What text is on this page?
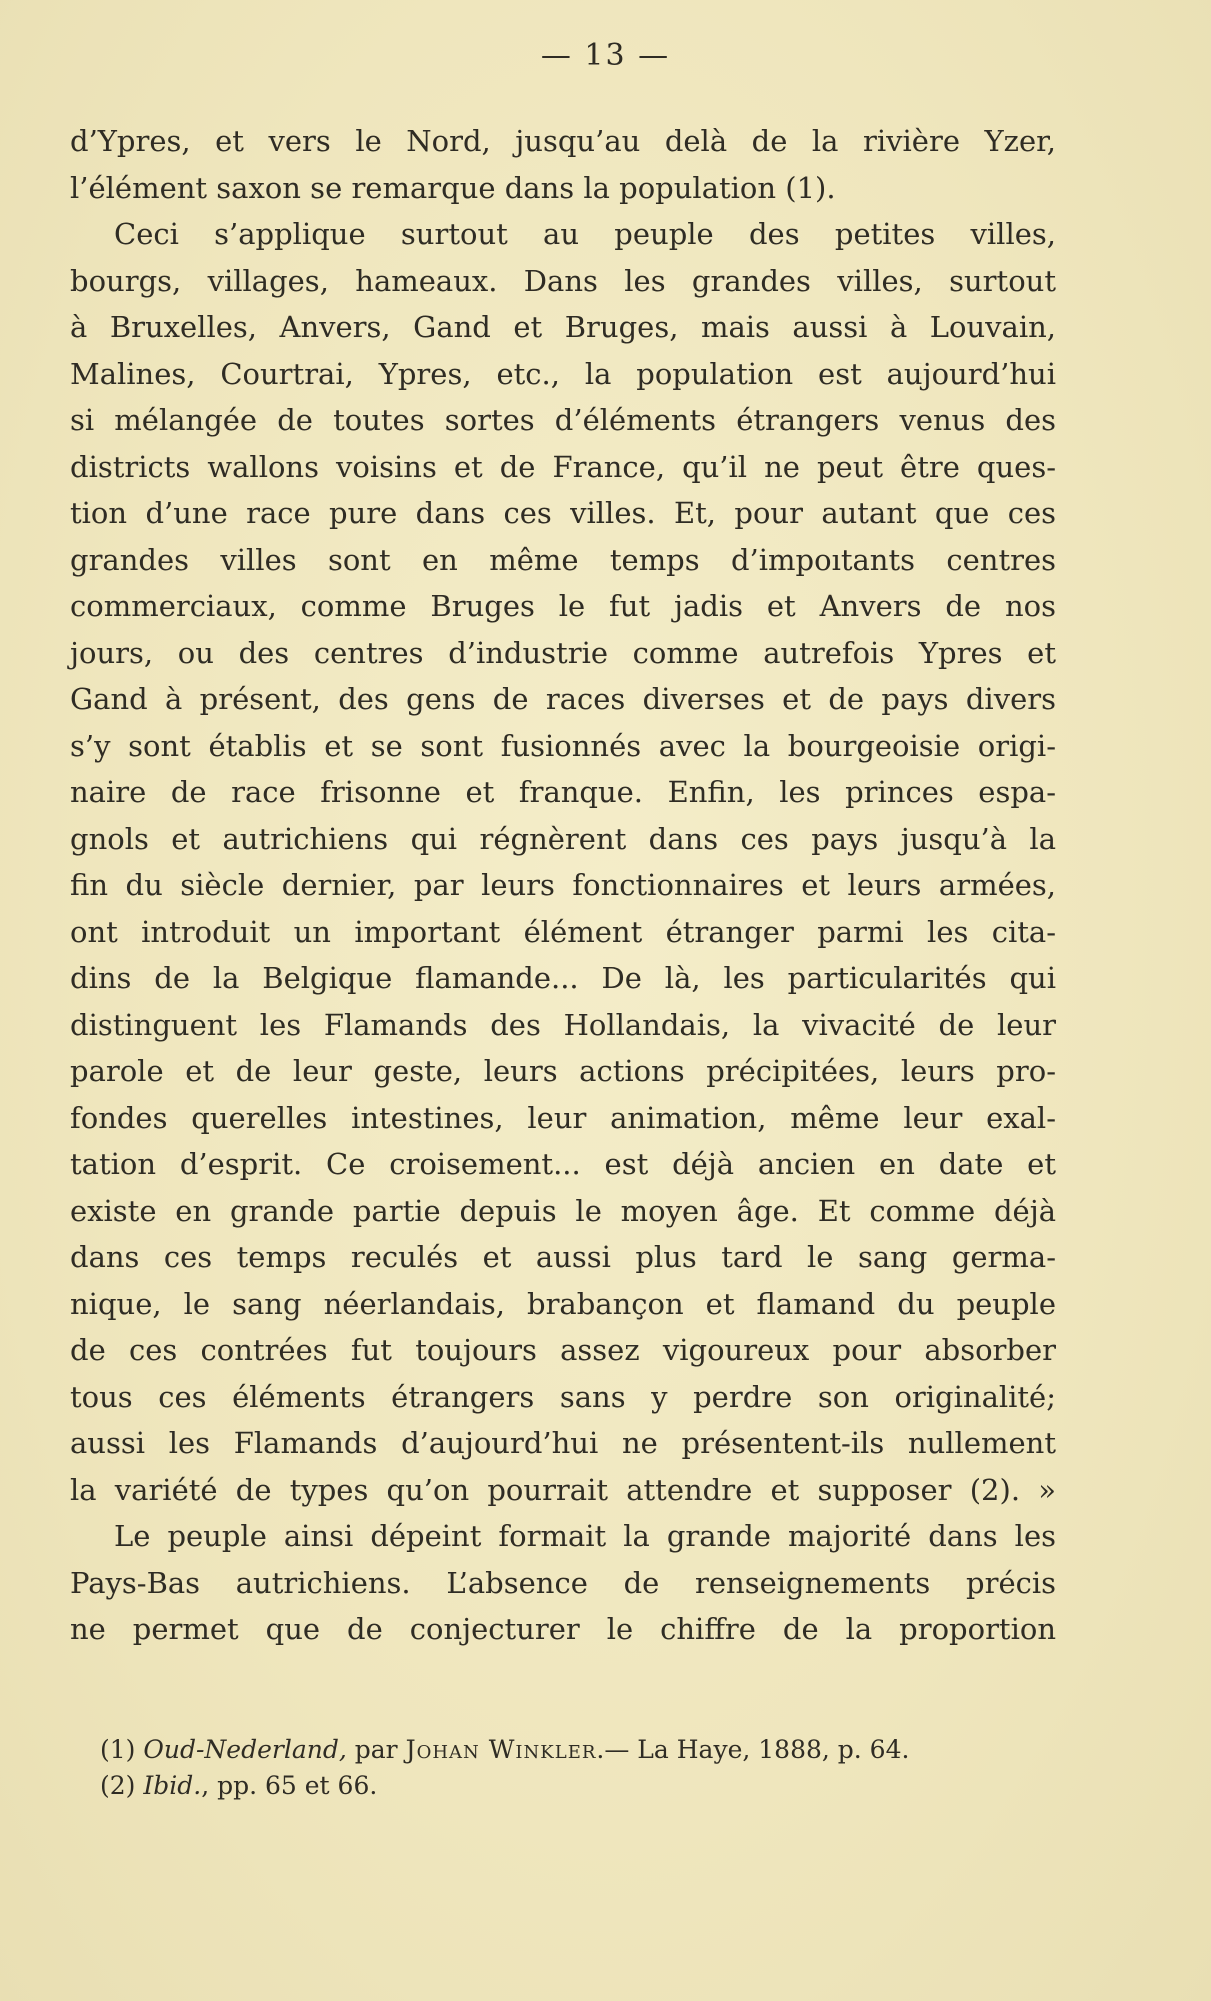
— 13 —
d’Ypres, et vers le Nord, jusqu’au delà de la rivière Yzer,
l’élément saxon se remarque dans la population (1).
Ceci s’applique surtout au peuple des petites villes,
bourgs, villages, hameaux. Dans les grandes villes, surtout
à Bruxelles, Anvers, Gand et Bruges, mais aussi à Louvain,
Malines, Courtrai, Ypres, etc., la population est aujourd’hui
si mélangée de toutes sortes d’éléments étrangers venus des
districts wallons voisins et de France, qu’il ne peut être ques-
tion d’une race pure dans ces villes. Et, pour autant que ces
grandes villes sont en même temps d’impoıtants centres
commerciaux, comme Bruges le fut jadis et Anvers de nos
jours, ou des centres d’industrie comme autrefois Ypres et
Gand à présent, des gens de races diverses et de pays divers
s’y sont établis et se sont fusionnés avec la bourgeoisie origi-
naire de race frisonne et franque. Enfin, les princes espa-
gnols et autrichiens qui régnèrent dans ces pays jusqu’à la
fin du siècle dernier, par leurs fonctionnaires et leurs armées,
ont introduit un important élément étranger parmi les cita-
dins de la Belgique flamande... De là, les particularités qui
distinguent les Flamands des Hollandais, la vivacité de leur
parole et de leur geste, leurs actions précipitées, leurs pro-
fondes querelles intestines, leur animation, même leur exal-
tation d’esprit. Ce croisement... est déjà ancien en date et
existe en grande partie depuis le moyen âge. Et comme déjà
dans ces temps reculés et aussi plus tard le sang germa-
nique, le sang néerlandais, brabançon et flamand du peuple
de ces contrées fut toujours assez vigoureux pour absorber
tous ces éléments étrangers sans y perdre son originalité;
aussi les Flamands d’aujourd’hui ne présentent-ils nullement
la variété de types qu’on pourrait attendre et supposer (2). »
Le peuple ainsi dépeint formait la grande majorité dans les
Pays-Bas autrichiens. L’absence de renseignements précis
ne permet que de conjecturer le chiffre de la proportion
(1) Oud-Nederland, par Johan Winkler.— La Haye, 1888, p. 64.
(2) Ibid., pp. 65 et 66.
